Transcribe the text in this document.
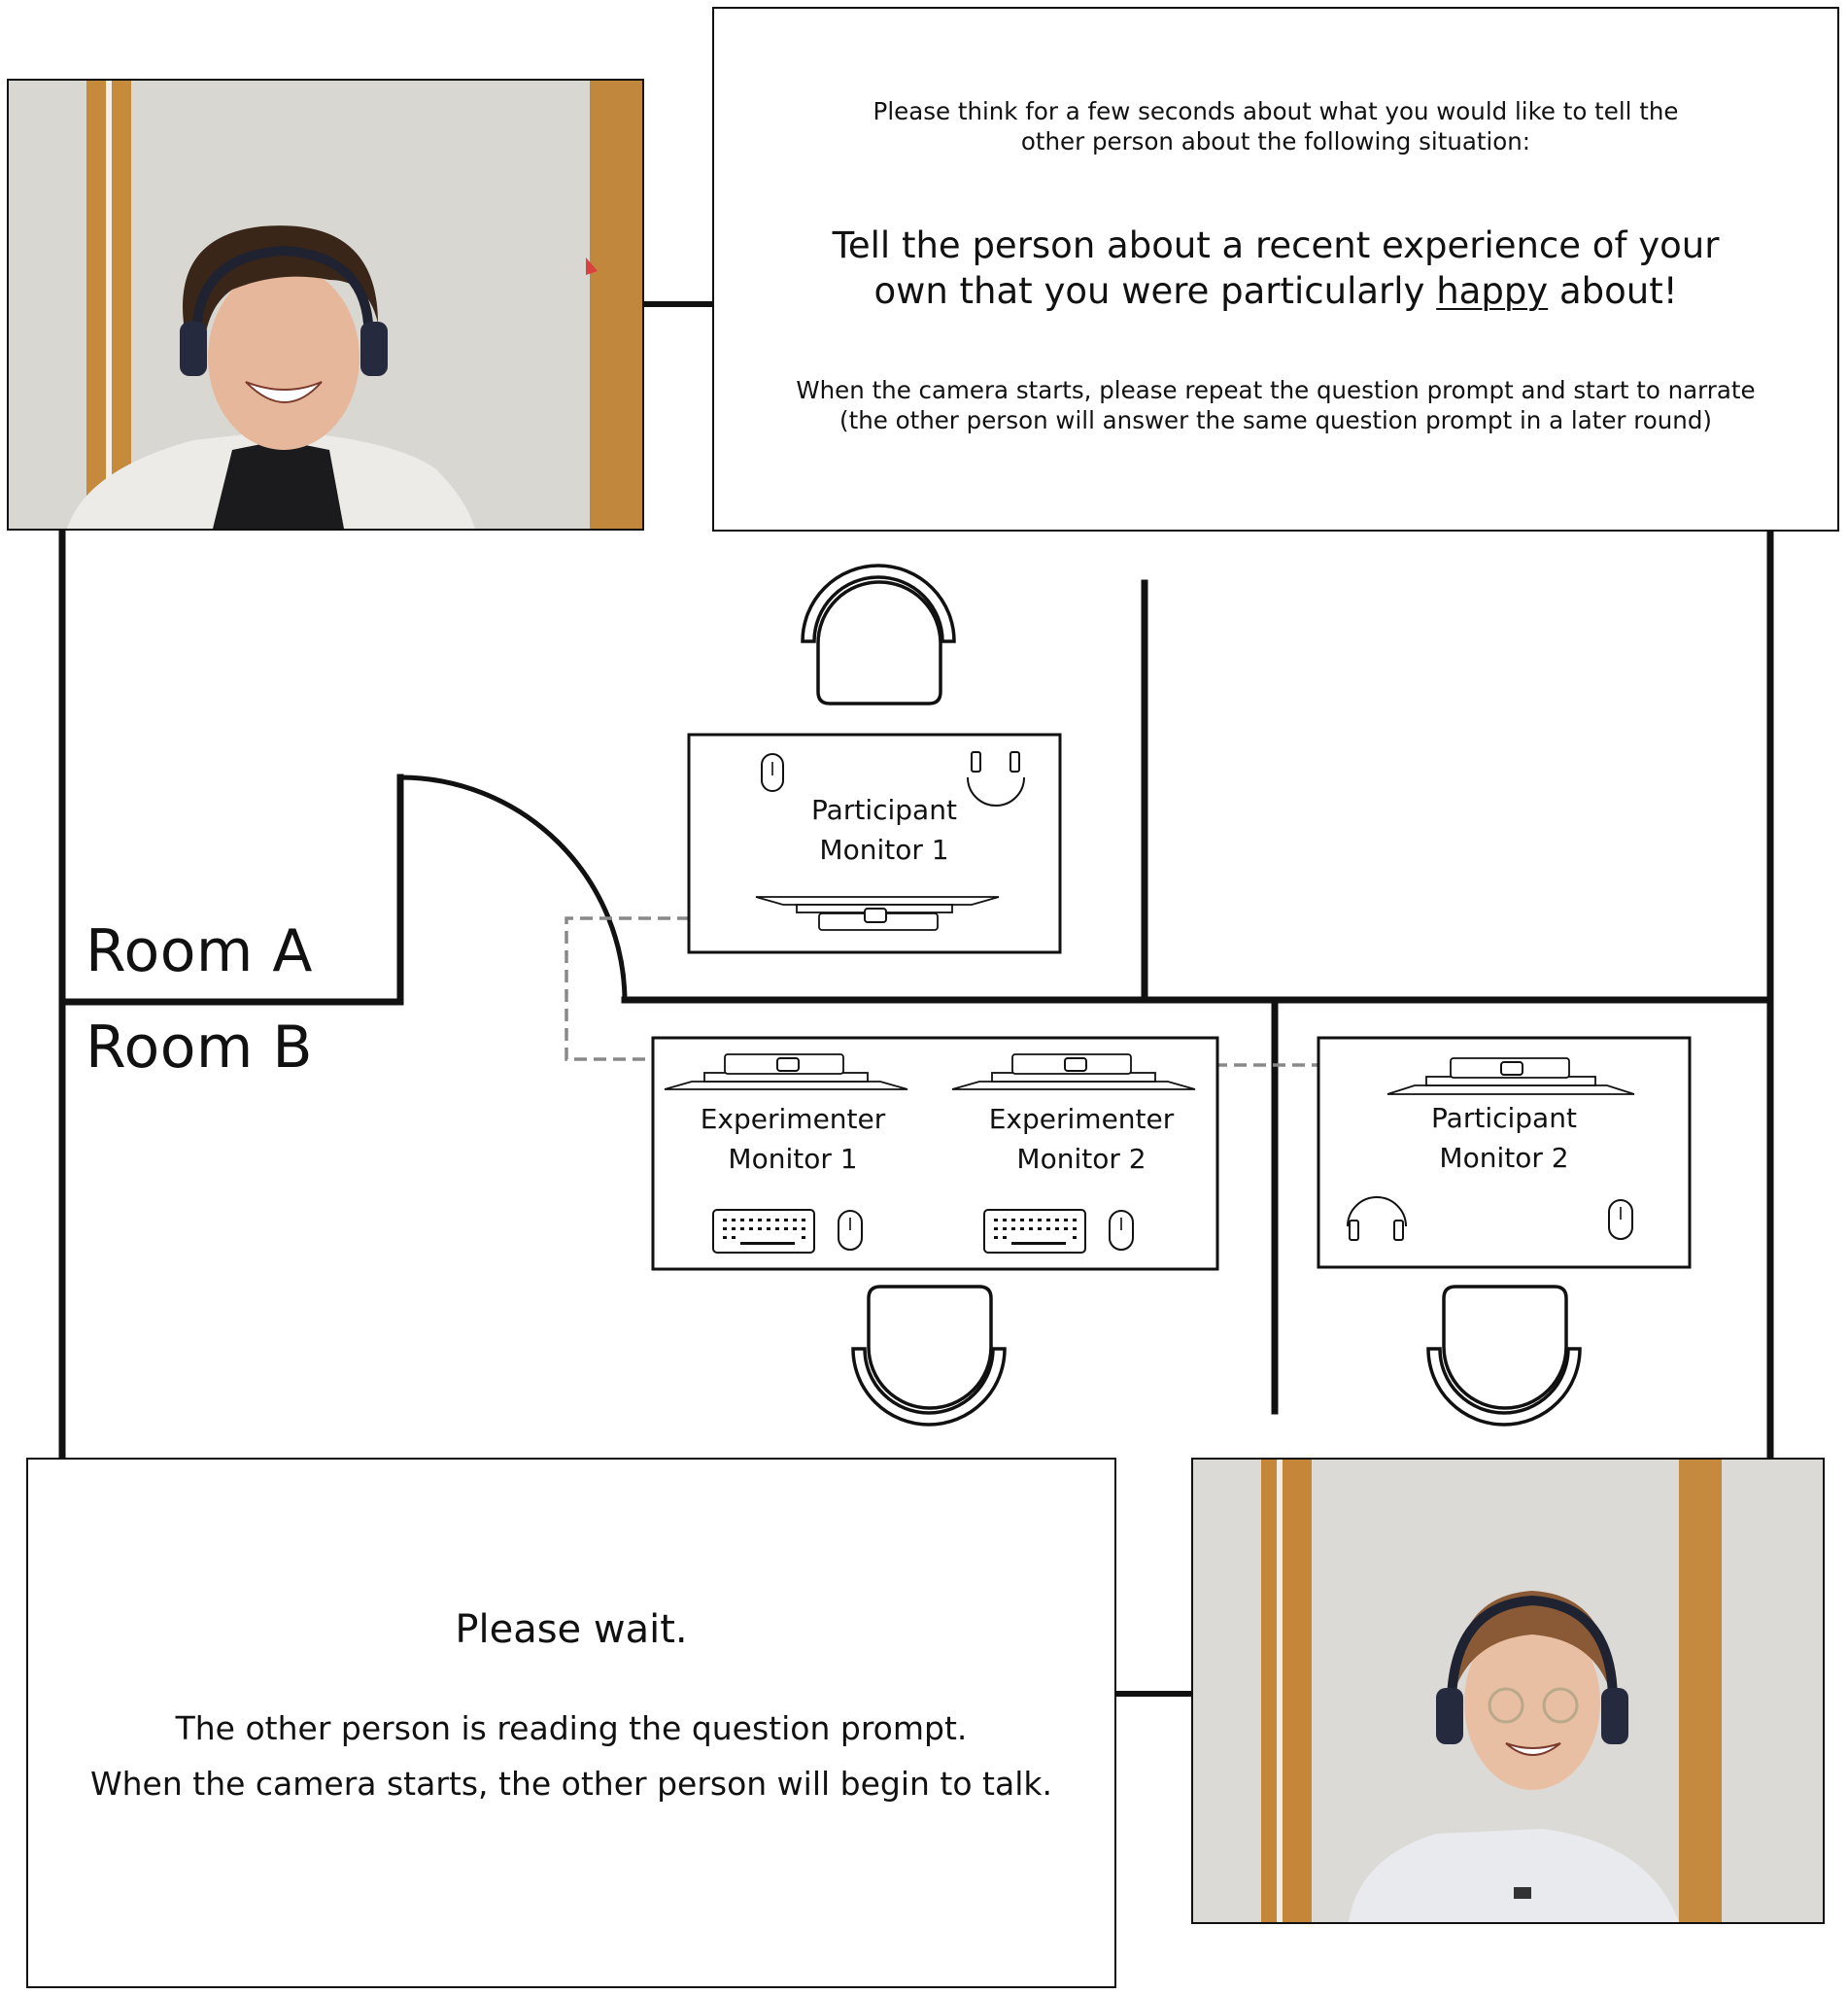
Participant
Monitor 1
Experimenter
Monitor 1
Experimenter
Monitor 2
Participant
Monitor 2
Room A
Room B
Please think for a few seconds about what you would like to tell the other person about the following situation:
Tell the person about a recent experience of your own that you were particularly happy about!
When the camera starts, please repeat the question prompt and start to narrate
(the other person will answer the same question prompt in a later round)
Please wait.
The other person is reading the question prompt.
When the camera starts, the other person will begin to talk.
